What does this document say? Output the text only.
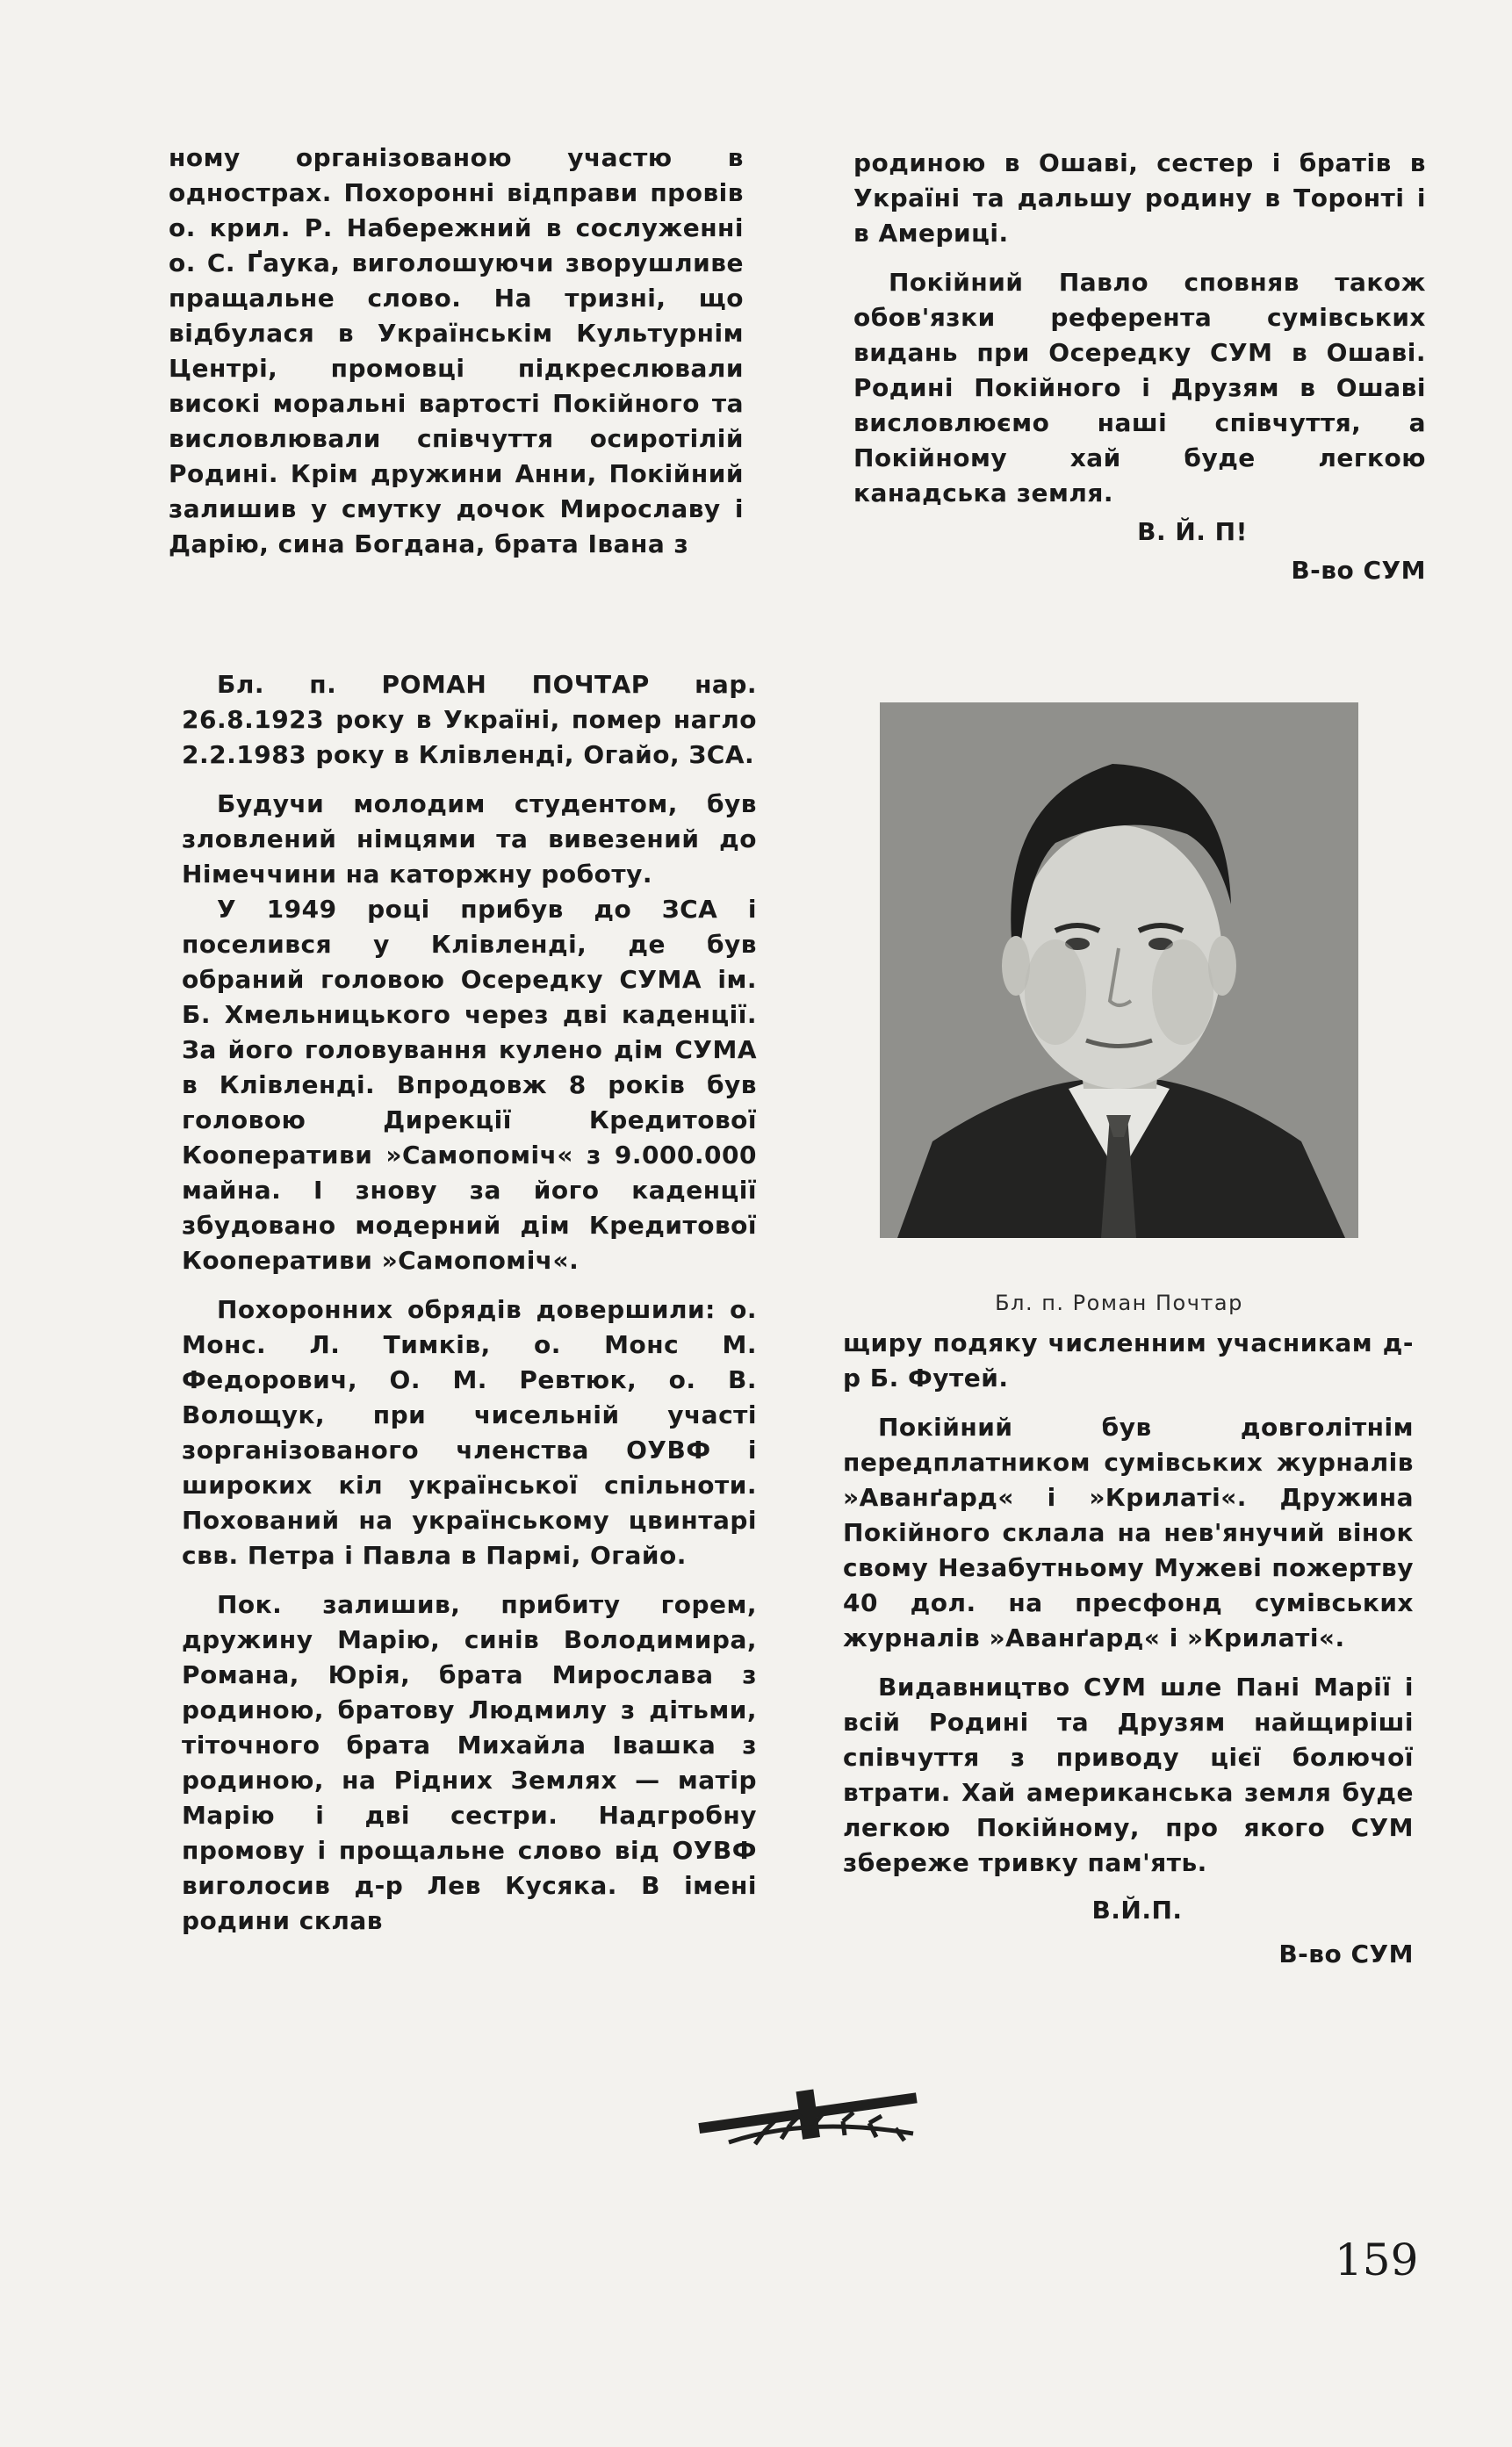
ному організованою участю в однострах. Похоронні відправи провів о. крил. Р. Набережний в сослуженні о. С. Ґаука, виголошуючи зворушливе пращальне слово. На тризні, що відбулася в Українськім Культурнім Центрі, промовці підкреслювали високі моральні вартості Покійного та висловлювали співчуття осиротілій Родині. Крім дружини Анни, Покійний залишив у смутку дочок Мирославу і Дарію, сина Богдана, брата Івана з

родиною в Ошаві, сестер і братів в Україні та дальшу родину в Торонті і в Америці.

Покійний Павло сповняв також обов'язки референта сумівських видань при Осередку СУМ в Ошаві. Родині Покійного і Друзям в Ошаві висловлюємо наші співчуття, а Покійному хай буде легкою канадська земля.

В. Й. П!

В-во СУМ

Бл. п. РОМАН ПОЧТАР нар. 26.8.1923 року в Україні, помер нагло 2.2.1983 року в Клівленді, Огайо, ЗСА.

Будучи молодим студентом, був зловлений німцями та вивезений до Німеччини на каторжну роботу.

У 1949 році прибув до ЗСА і поселився у Клівленді, де був обраний головою Осередку СУМА ім. Б. Хмельницького через дві каденції. За його головування кулено дім СУМА в Клівленді. Впродовж 8 років був головою Дирекції Кредитової Кооперативи »Самопоміч« з 9.000.000 майна. І знову за його каденції збудовано модерний дім Кредитової Кооперативи »Самопоміч«.

Похоронних обрядів довершили: о. Монс. Л. Тимків, о. Монс М. Федорович, О. М. Ревтюк, о. В. Волощук, при чисельній участі зорганізованого членства ОУВФ і широких кіл української спільноти. Похований на українському цвинтарі свв. Петра і Павла в Пармі, Огайо.

Пок. залишив, прибиту горем, дружину Марію, синів Володимира, Романа, Юрія, брата Мирослава з родиною, братову Людмилу з дітьми, тіточного брата Михайла Івашка з родиною, на Рідних Землях — матір Марію і дві сестри. Надгробну промову і прощальне слово від ОУВФ виголосив д-р Лев Кусяка. В імені родини склав

Бл. п. Роман Почтар

щиру подяку численним учасникам д-р Б. Футей.

Покійний був довголітнім передплатником сумівських журналів »Аванґард« і »Крилаті«. Дружина Покійного склала на нев'янучий вінок свому Незабутньому Мужеві пожертву 40 дол. на пресфонд сумівських журналів »Аванґард« і »Крилаті«.

Видавництво СУМ шле Пані Марії і всій Родині та Друзям найщиріші співчуття з приводу цієї болючої втрати. Хай американська земля буде легкою Покійному, про якого СУМ збереже тривку пам'ять.

В.Й.П.

В-во СУМ

159
